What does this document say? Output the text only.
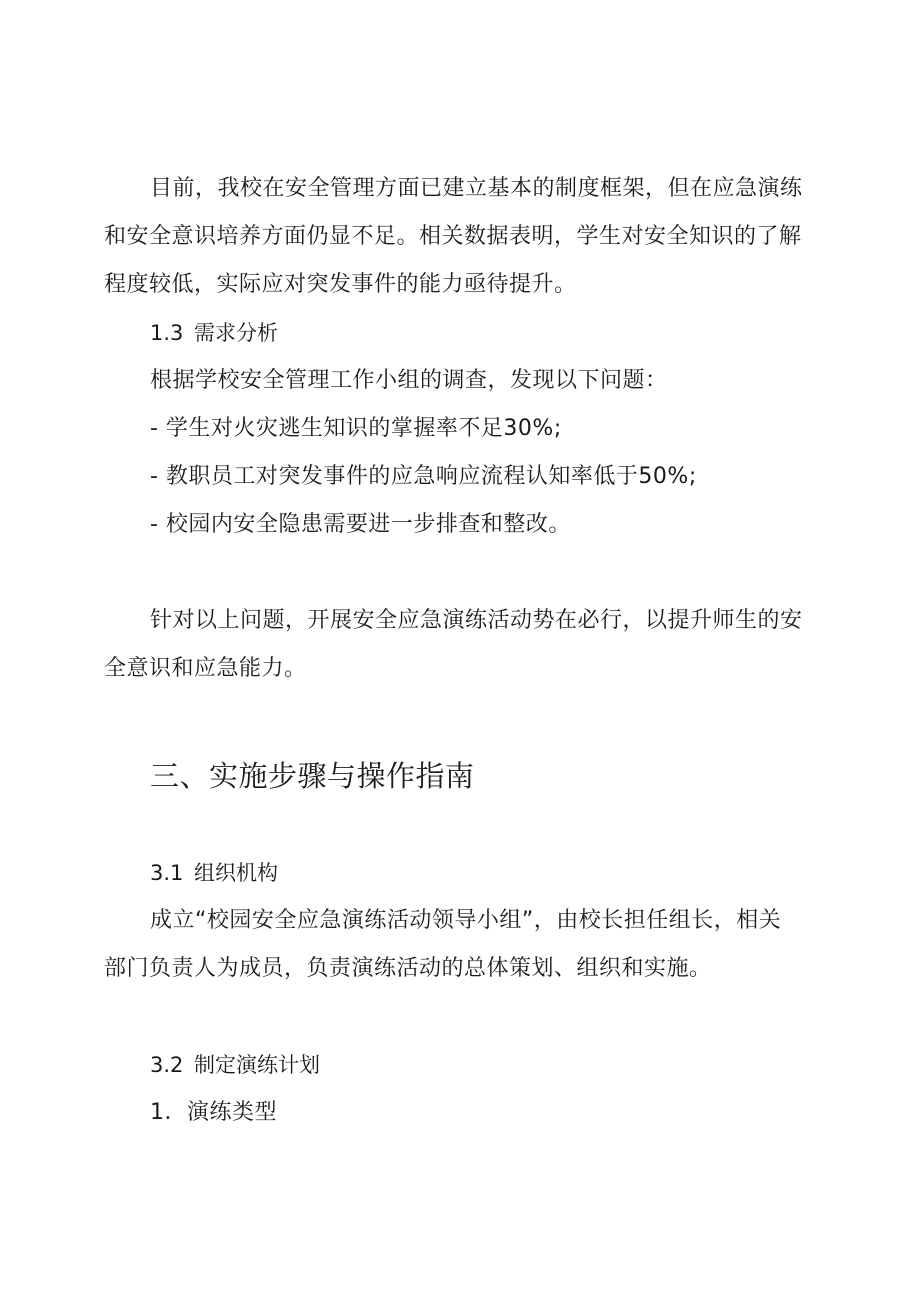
目前，我校在安全管理方面已建立基本的制度框架，但在应急演练
和安全意识培养方面仍显不足。相关数据表明，学生对安全知识的了解
程度较低，实际应对突发事件的能力亟待提升。
1.3 需求分析
根据学校安全管理工作小组的调查，发现以下问题：
- 学生对火灾逃生知识的掌握率不足30%;
- 教职员工对突发事件的应急响应流程认知率低于50%;
- 校园内安全隐患需要进一步排查和整改。
针对以上问题，开展安全应急演练活动势在必行，以提升师生的安
全意识和应急能力。
三、实施步骤与操作指南
3.1 组织机构
成立“校园安全应急演练活动领导小组”，由校长担任组长，相关
部门负责人为成员，负责演练活动的总体策划、组织和实施。
3.2 制定演练计划
1．演练类型
